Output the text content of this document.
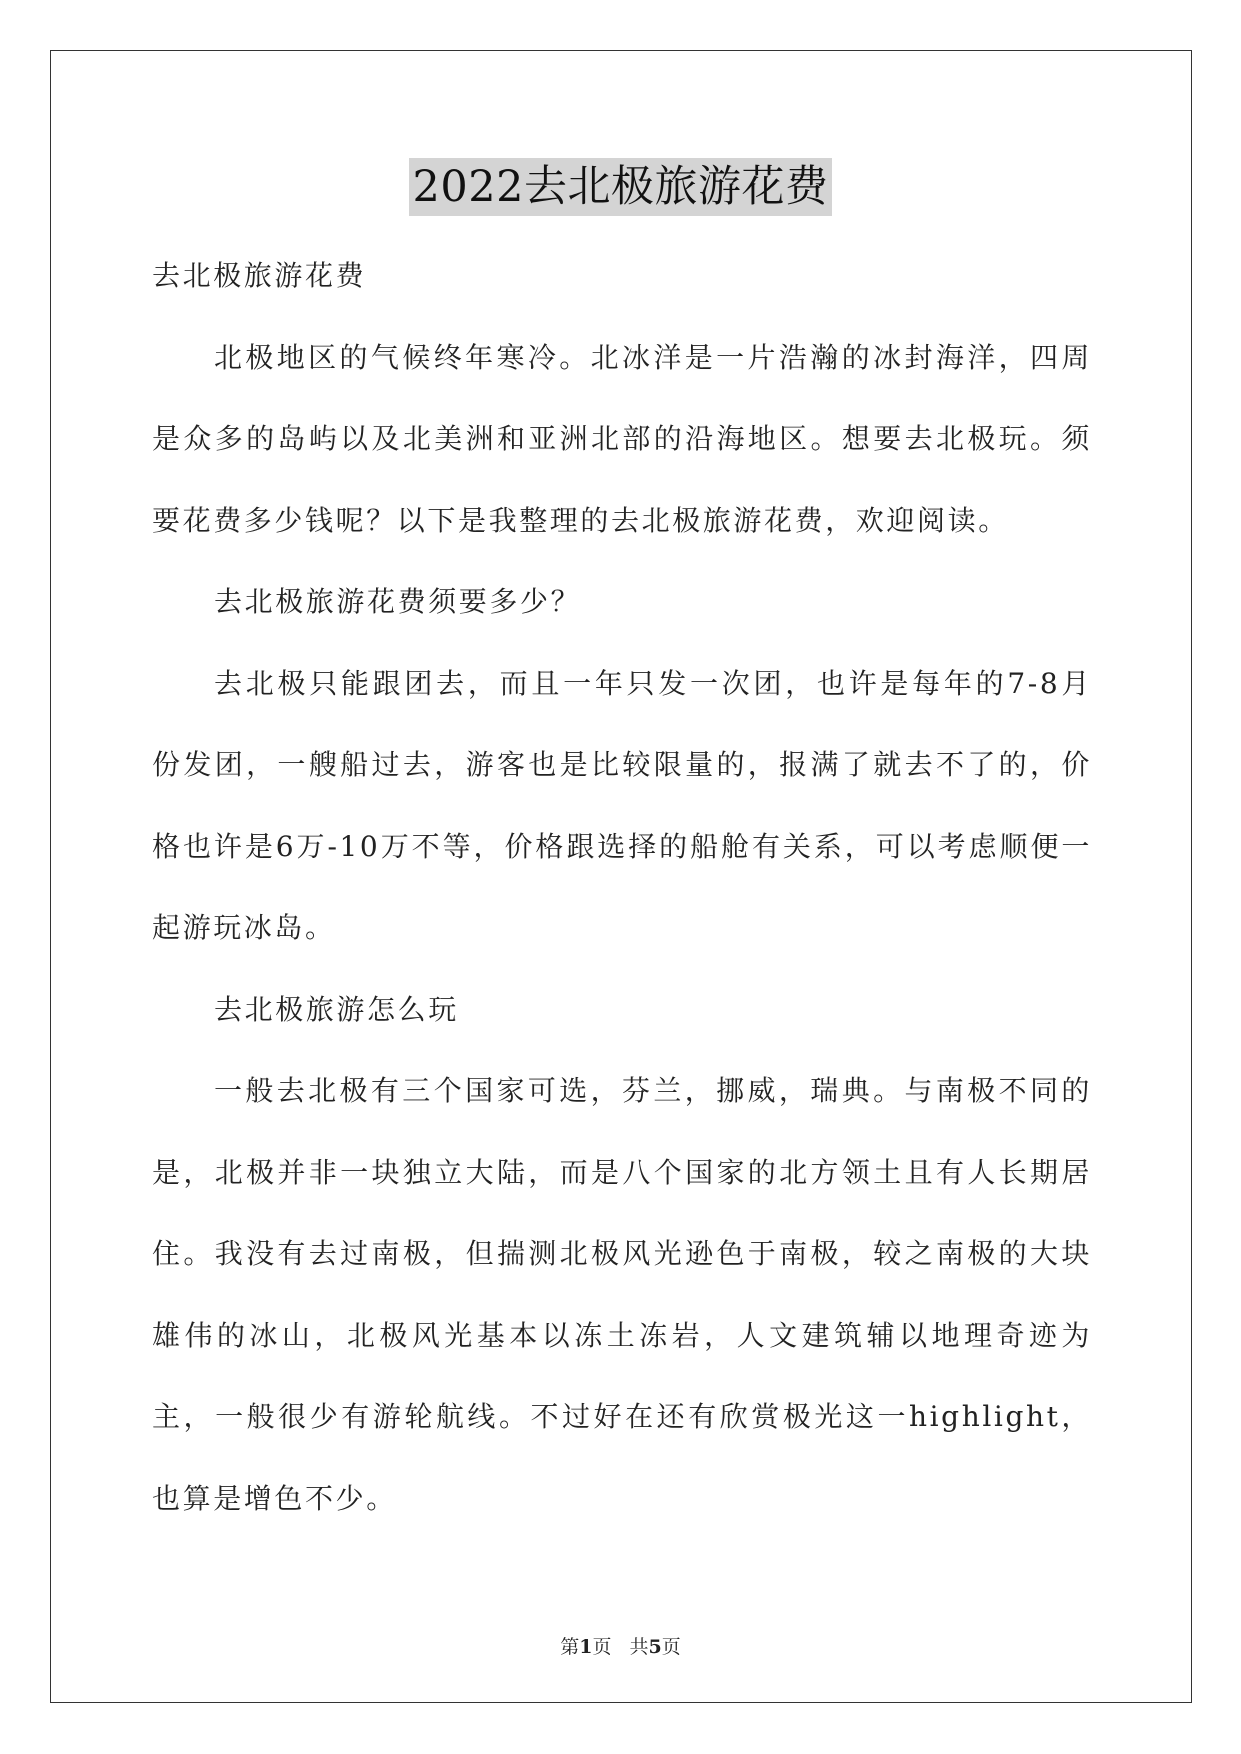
2022去北极旅游花费

去北极旅游花费

北极地区的气候终年寒冷。北冰洋是一片浩瀚的冰封海洋，四周是众多的岛屿以及北美洲和亚洲北部的沿海地区。想要去北极玩。须要花费多少钱呢？以下是我整理的去北极旅游花费，欢迎阅读。

去北极旅游花费须要多少？

去北极只能跟团去，而且一年只发一次团，也许是每年的7-8月份发团，一艘船过去，游客也是比较限量的，报满了就去不了的，价格也许是6万-10万不等，价格跟选择的船舱有关系，可以考虑顺便一起游玩冰岛。

去北极旅游怎么玩

一般去北极有三个国家可选，芬兰，挪威，瑞典。与南极不同的是，北极并非一块独立大陆，而是八个国家的北方领土且有人长期居住。我没有去过南极，但揣测北极风光逊色于南极，较之南极的大块雄伟的冰山，北极风光基本以冻土冻岩，人文建筑辅以地理奇迹为主，一般很少有游轮航线。不过好在还有欣赏极光这一highlight，也算是增色不少。

第1页 共5页
